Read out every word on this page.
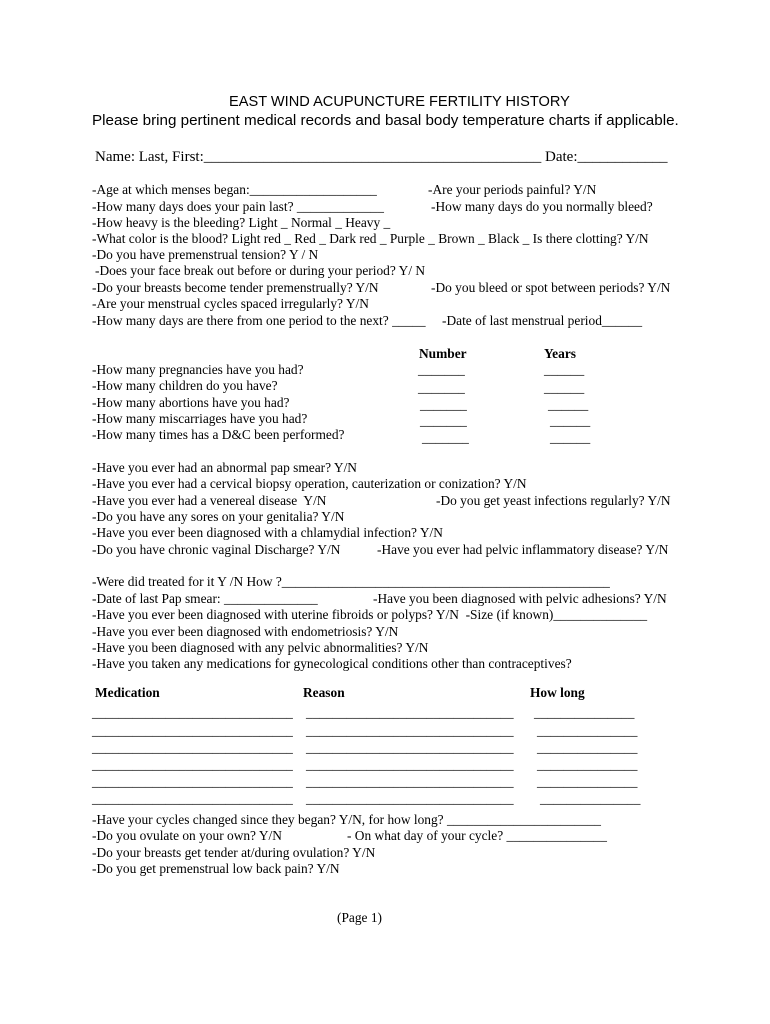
EAST WIND ACUPUNCTURE FERTILITY HISTORY
Please bring pertinent medical records and basal body temperature charts if applicable.
Name: Last, First:_____________________________________________ Date:____________
-Age at which menses began:___________________	-Are your periods painful? Y/N
-How many days does your pain last? _____________	-How many days do you normally bleed?
-How heavy is the bleeding? Light _ Normal _ Heavy _
-What color is the blood? Light red _ Red _ Dark red _ Purple _ Brown _ Black _ Is there clotting? Y/N
-Do you have premenstrual tension? Y / N
-Does your face break out before or during your period? Y/ N
-Do your breasts become tender premenstrually? Y/N	-Do you bleed or spot between periods? Y/N
-Are your menstrual cycles spaced irregularly? Y/N
-How many days are there from one period to the next? _____ -Date of last menstrual period______
Number	Years
-How many pregnancies have you had?	_______	______
-How many children do you have?	_______	______
-How many abortions have you had?	_______	______
-How many miscarriages have you had?	_______	______
-How many times has a D&C been performed?	_______	______
-Have you ever had an abnormal pap smear? Y/N
-Have you ever had a cervical biopsy operation, cauterization or conization? Y/N
-Have you ever had a venereal disease  Y/N	-Do you get yeast infections regularly? Y/N
-Do you have any sores on your genitalia? Y/N
-Have you ever been diagnosed with a chlamydial infection? Y/N
-Do you have chronic vaginal Discharge? Y/N	-Have you ever had pelvic inflammatory disease? Y/N
-Were did treated for it Y /N How ?_________________________________________________
-Date of last Pap smear: ______________	-Have you been diagnosed with pelvic adhesions? Y/N
-Have you ever been diagnosed with uterine fibroids or polyps? Y/N  -Size (if known)______________
-Have you ever been diagnosed with endometriosis? Y/N
-Have you been diagnosed with any pelvic abnormalities? Y/N
-Have you taken any medications for gynecological conditions other than contraceptives?
Medication	Reason	How long
______________________________ _______________________________ _______________
______________________________ _______________________________ _______________
______________________________ _______________________________ _______________
______________________________ _______________________________ _______________
______________________________ _______________________________ _______________
______________________________ _______________________________ _______________
-Have your cycles changed since they began? Y/N, for how long? _______________________
-Do you ovulate on your own? Y/N	- On what day of your cycle? _______________
-Do your breasts get tender at/during ovulation? Y/N
-Do you get premenstrual low back pain? Y/N
(Page 1)
